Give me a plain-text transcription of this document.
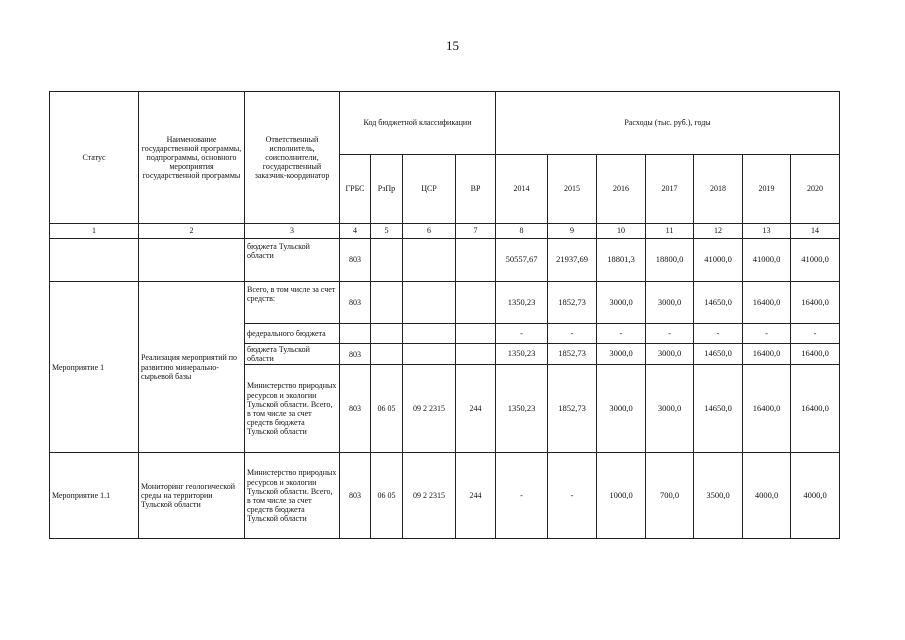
15
Статус	Наименование государственной программы, подпрограммы, основного мероприятия государственной программы	Ответственный исполнитель, соисполнители, государственный заказчик-координатор	Код бюджетной классификации				Расходы (тыс. руб.), годы						
			ГРБС	РзПр	ЦСР	ВР	2014	2015	2016	2017	2018	2019	2020
1	2	3	4	5	6	7	8	9	10	11	12	13	14
		бюджета Тульской области	803				50557,67	21937,69	18801,3	18800,0	41000,0	41000,0	41000,0
Мероприятие 1	Реализация мероприятий по развитию минерально-сырьевой базы	Всего, в том числе за счет средств:	803				1350,23	1852,73	3000,0	3000,0	14650,0	16400,0	16400,0
		федерального бюджета					-	-	-	-	-	-	-
		бюджета Тульской области	803				1350,23	1852,73	3000,0	3000,0	14650,0	16400,0	16400,0
		Министерство природных ресурсов и экологии Тульской области. Всего, в том числе за счет средств бюджета Тульской области	803	06 05	09 2 2315	244	1350,23	1852,73	3000,0	3000,0	14650,0	16400,0	16400,0
Мероприятие 1.1	Мониторинг геологической среды на территории Тульской области	Министерство природных ресурсов и экологии Тульской области. Всего, в том числе за счет средств бюджета Тульской области	803	06 05	09 2 2315	244	-	-	1000,0	700,0	3500,0	4000,0	4000,0
